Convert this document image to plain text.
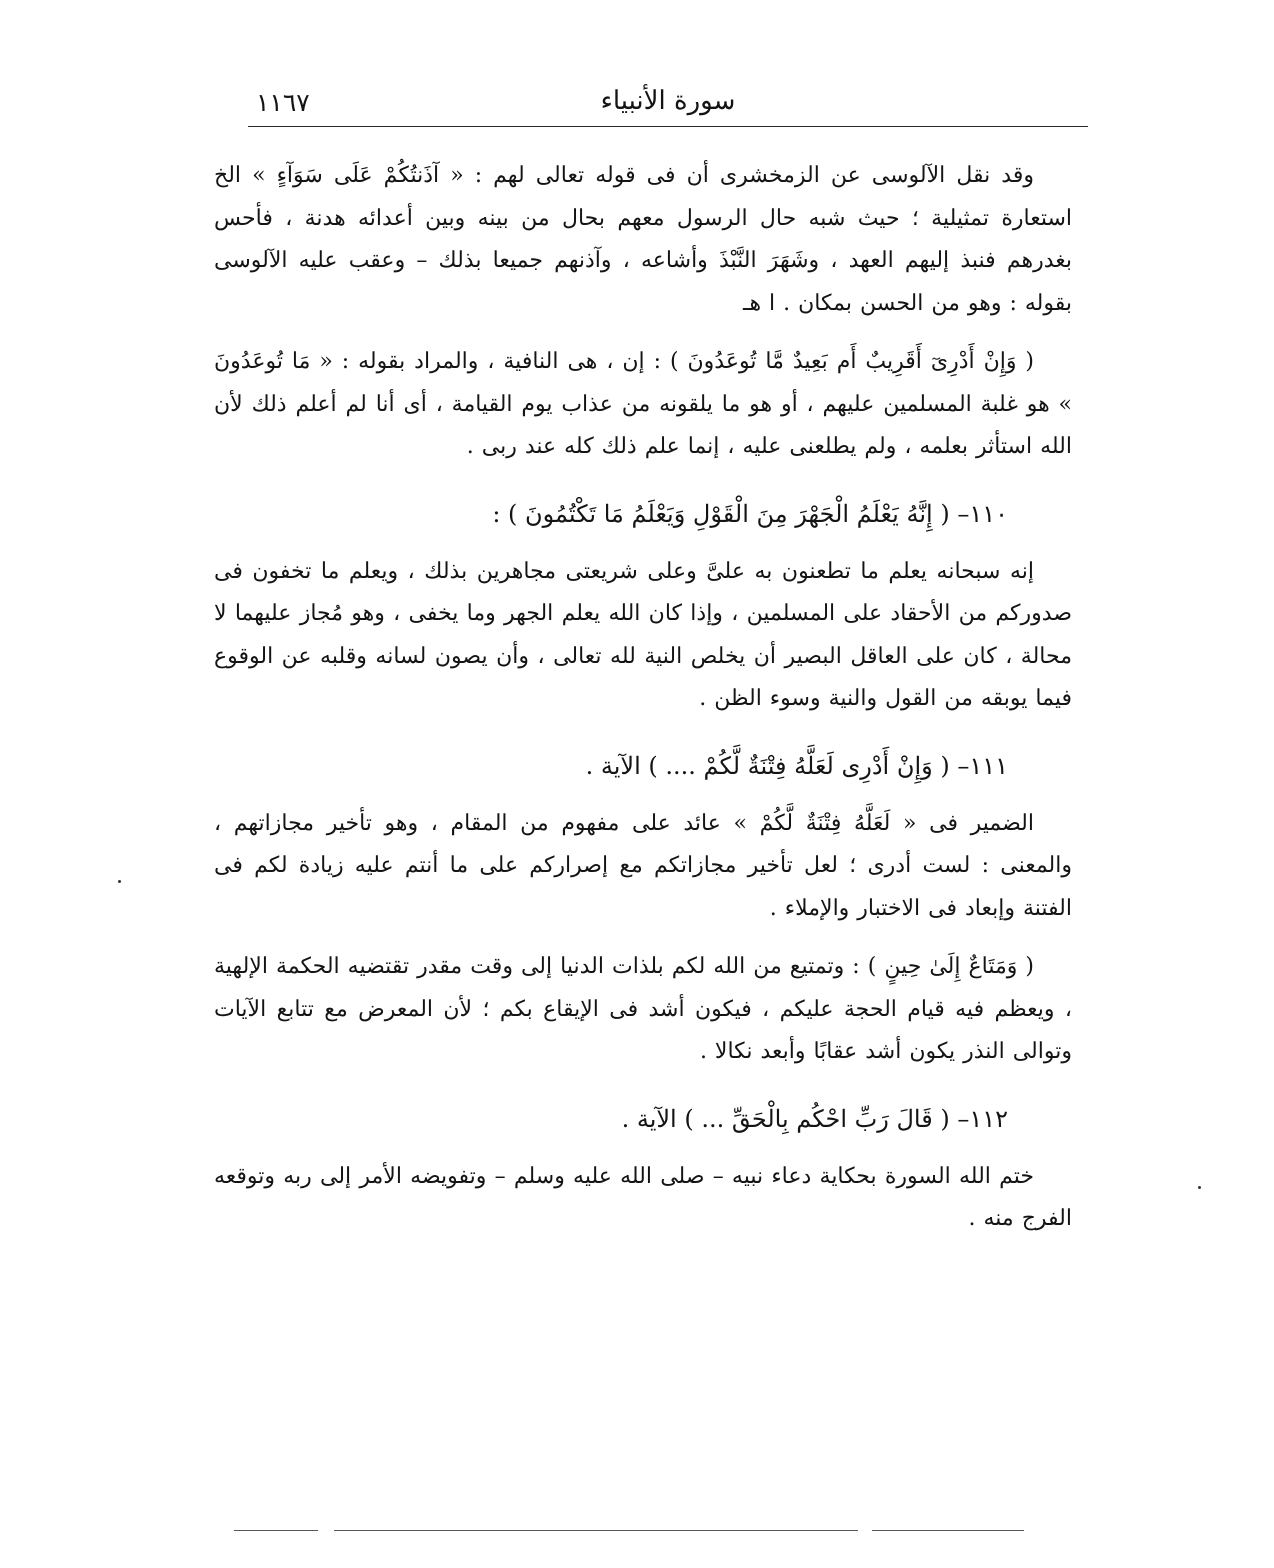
سورة الأنبياء
١١٦٧

وقد نقل الآلوسى عن الزمخشرى أن فى قوله تعالى لهم : « آذَنتُكُمْ عَلَى سَوَآءٍ » الخ استعارة تمثيلية ؛ حيث شبه حال الرسول معهم بحال من بينه وبين أعدائه هدنة ، فأحس بغدرهم فنبذ إليهم العهد ، وشَهَرَ النَّبْذَ وأشاعه ، وآذنهم جميعا بذلك – وعقب عليه الآلوسى بقوله : وهو من الحسن بمكان . ا هـ

( وَإِنْ أَدْرِىٓ أَقَرِيبٌ أَم بَعِيدٌ مَّا تُوعَدُونَ ) : إن ، هى النافية ، والمراد بقوله : « مَا تُوعَدُونَ » هو غلبة المسلمين عليهم ، أو هو ما يلقونه من عذاب يوم القيامة ، أى أنا لم أعلم ذلك لأن الله استأثر بعلمه ، ولم يطلعنى عليه ، إنما علم ذلك كله عند ربى .

١١٠– ( إِنَّهُ يَعْلَمُ الْجَهْرَ مِنَ الْقَوْلِ وَيَعْلَمُ مَا تَكْتُمُونَ ) :

إنه سبحانه يعلم ما تطعنون به علىَّ وعلى شريعتى مجاهرين بذلك ، ويعلم ما تخفون فى صدوركم من الأحقاد على المسلمين ، وإذا كان الله يعلم الجهر وما يخفى ، وهو مُجاز عليهما لا محالة ، كان على العاقل البصير أن يخلص النية لله تعالى ، وأن يصون لسانه وقلبه عن الوقوع فيما يوبقه من القول والنية وسوء الظن .

١١١– ( وَإِنْ أَدْرِى لَعَلَّهُ فِتْنَةٌ لَّكُمْ .... ) الآية .

الضمير فى « لَعَلَّهُ فِتْنَةٌ لَّكُمْ » عائد على مفهوم من المقام ، وهو تأخير مجازاتهم ، والمعنى : لست أدرى ؛ لعل تأخير مجازاتكم مع إصراركم على ما أنتم عليه زيادة لكم فى الفتنة وإبعاد فى الاختبار والإملاء .

( وَمَتَاعٌ إِلَىٰ حِينٍ ) : وتمتيع من الله لكم بلذات الدنيا إلى وقت مقدر تقتضيه الحكمة الإلهية ، ويعظم فيه قيام الحجة عليكم ، فيكون أشد فى الإيقاع بكم ؛ لأن المعرض مع تتابع الآيات وتوالى النذر يكون أشد عقابًا وأبعد نكالا .

١١٢– ( قَالَ رَبِّ احْكُم بِالْحَقِّ ... ) الآية .

ختم الله السورة بحكاية دعاء نبيه – صلى الله عليه وسلم – وتفويضه الأمر إلى ربه وتوقعه الفرج منه .
